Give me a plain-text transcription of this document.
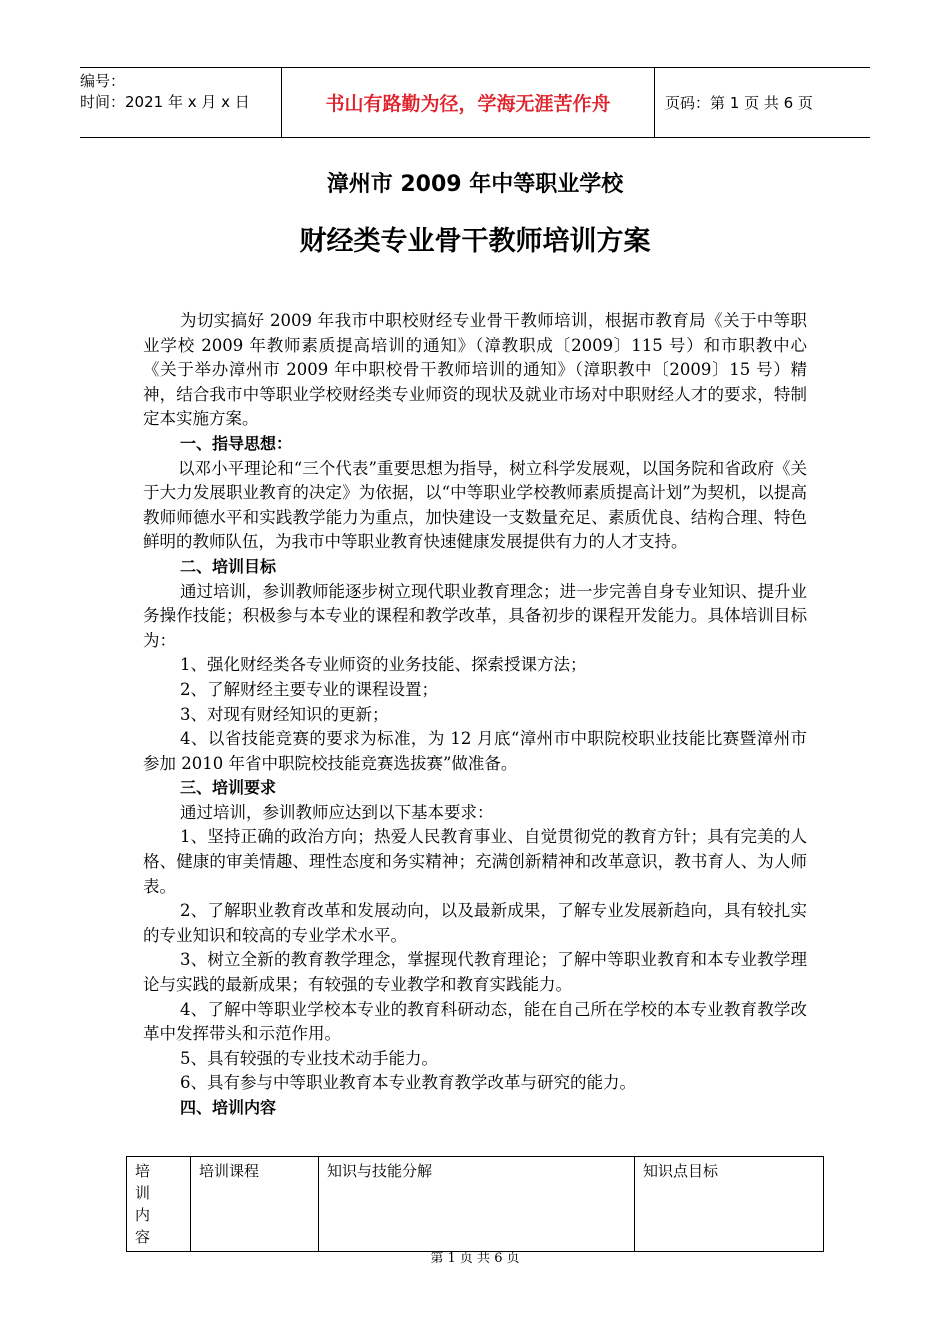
编号：
时间：2021 年 x 月 x 日	书山有路勤为径，学海无涯苦作舟	页码：第 1 页 共 6 页
漳州市 2009 年中等职业学校
财经类专业骨干教师培训方案

为切实搞好 2009 年我市中职校财经专业骨干教师培训，根据市教育局《关于中等职业学校 2009 年教师素质提高培训的通知》（漳教职成〔2009〕115 号）和市职教中心《关于举办漳州市 2009 年中职校骨干教师培训的通知》（漳职教中〔2009〕15 号）精神，结合我市中等职业学校财经类专业师资的现状及就业市场对中职财经人才的要求，特制定本实施方案。

一、指导思想：

以邓小平理论和“三个代表”重要思想为指导，树立科学发展观，以国务院和省政府《关于大力发展职业教育的决定》为依据，以“中等职业学校教师素质提高计划”为契机，以提高教师师德水平和实践教学能力为重点，加快建设一支数量充足、素质优良、结构合理、特色鲜明的教师队伍，为我市中等职业教育快速健康发展提供有力的人才支持。

二、培训目标

通过培训，参训教师能逐步树立现代职业教育理念；进一步完善自身专业知识、提升业务操作技能；积极参与本专业的课程和教学改革，具备初步的课程开发能力。具体培训目标为：

1、强化财经类各专业师资的业务技能、探索授课方法；

2、了解财经主要专业的课程设置；

3、对现有财经知识的更新；

4、以省技能竞赛的要求为标准，为 12 月底“漳州市中职院校职业技能比赛暨漳州市参加 2010 年省中职院校技能竞赛选拔赛”做准备。

三、培训要求

通过培训，参训教师应达到以下基本要求：

1、坚持正确的政治方向；热爱人民教育事业、自觉贯彻党的教育方针；具有完美的人格、健康的审美情趣、理性态度和务实精神；充满创新精神和改革意识，教书育人、为人师表。

2、了解职业教育改革和发展动向，以及最新成果，了解专业发展新趋向，具有较扎实的专业知识和较高的专业学术水平。

3、树立全新的教育教学理念，掌握现代教育理论；了解中等职业教育和本专业教学理论与实践的最新成果；有较强的专业教学和教育实践能力。

4、了解中等职业学校本专业的教育科研动态，能在自己所在学校的本专业教育教学改革中发挥带头和示范作用。

5、具有较强的专业技术动手能力。

6、具有参与中等职业教育本专业教育教学改革与研究的能力。

四、培训内容

培训内容	培训课程	知识与技能分解	知识点目标
第 1 页 共 6 页
